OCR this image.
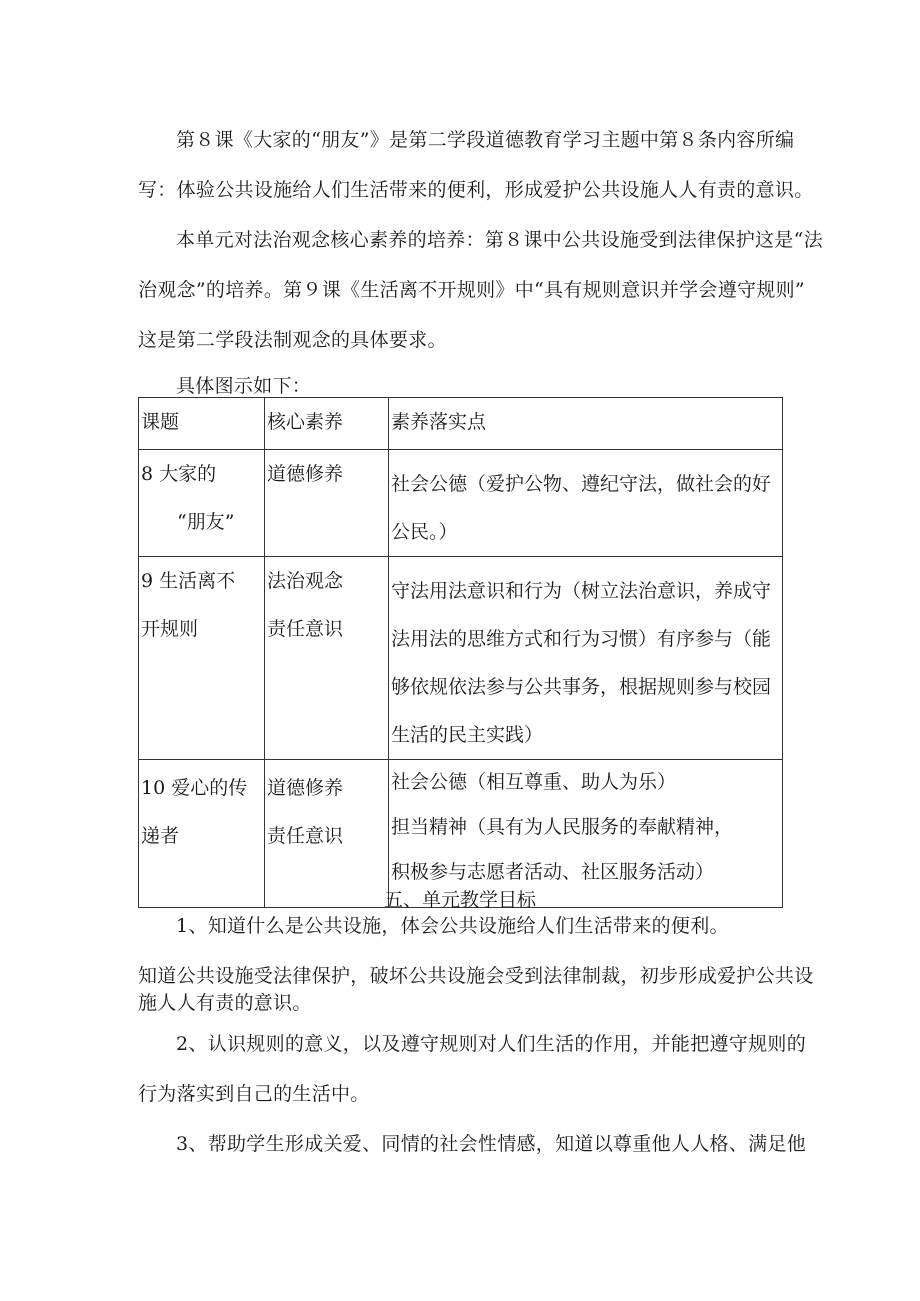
第８课《大家的“朋友”》是第二学段道德教育学习主题中第８条内容所编
写：体验公共设施给人们生活带来的便利，形成爱护公共设施人人有责的意识。
本单元对法治观念核心素养的培养：第８课中公共设施受到法律保护这是“法
治观念”的培养。第９课《生活离不开规则》中“具有规则意识并学会遵守规则”
这是第二学段法制观念的具体要求。
具体图示如下：
课题	核心素养	素养落实点

8 大家的
“朋友”	道德修养	社会公德（爱护公物、遵纪守法，做社会的好
公民。）

9 生活离不
开规则	法治观念
责任意识	守法用法意识和行为（树立法治意识，养成守
法用法的思维方式和行为习惯）有序参与（能
够依规依法参与公共事务，根据规则参与校园
生活的民主实践）

10 爱心的传
递者	道德修养
责任意识	社会公德（相互尊重、助人为乐）
担当精神（具有为人民服务的奉献精神，
积极参与志愿者活动、社区服务活动）
五、单元教学目标
1、知道什么是公共设施，体会公共设施给人们生活带来的便利。
知道公共设施受法律保护，破坏公共设施会受到法律制裁，初步形成爱护公共设
施人人有责的意识。
2、认识规则的意义，以及遵守规则对人们生活的作用，并能把遵守规则的
行为落实到自己的生活中。
3、帮助学生形成关爱、同情的社会性情感，知道以尊重他人人格、满足他
